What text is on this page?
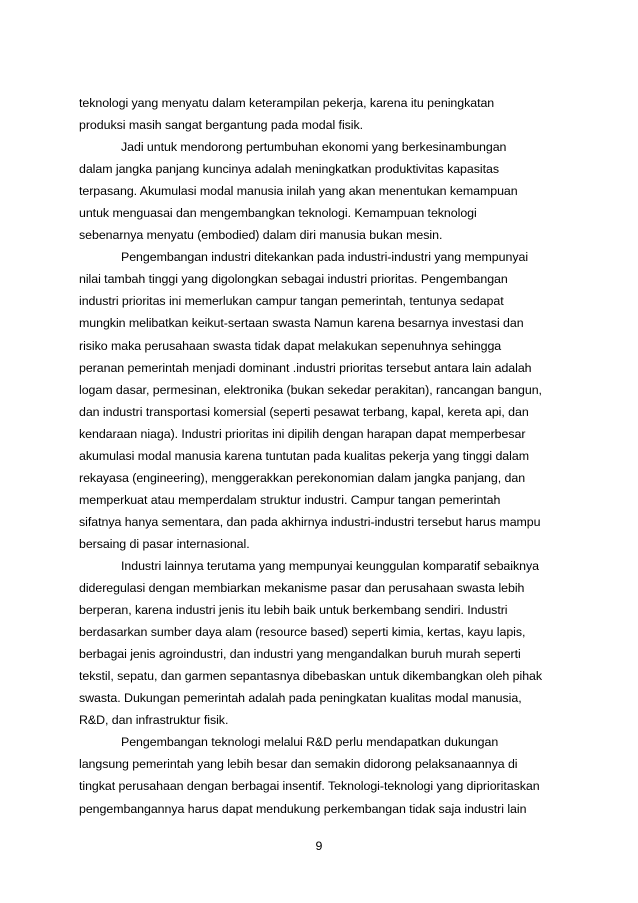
teknologi yang menyatu dalam keterampilan pekerja, karena itu peningkatan
produksi masih sangat bergantung pada modal fisik.
Jadi untuk mendorong pertumbuhan ekonomi yang berkesinambungan
dalam jangka panjang kuncinya adalah meningkatkan produktivitas kapasitas
terpasang. Akumulasi modal manusia inilah yang akan menentukan kemampuan
untuk menguasai dan mengembangkan teknologi. Kemampuan teknologi
sebenarnya menyatu (embodied) dalam diri manusia bukan mesin.
Pengembangan industri ditekankan pada industri-industri yang mempunyai
nilai tambah tinggi yang digolongkan sebagai industri prioritas. Pengembangan
industri prioritas ini memerlukan campur tangan pemerintah, tentunya sedapat
mungkin melibatkan keikut-sertaan swasta Namun karena besarnya investasi dan
risiko maka perusahaan swasta tidak dapat melakukan sepenuhnya sehingga
peranan pemerintah menjadi dominant .industri prioritas tersebut antara lain adalah
logam dasar, permesinan, elektronika (bukan sekedar perakitan), rancangan bangun,
dan industri transportasi komersial (seperti pesawat terbang, kapal, kereta api, dan
kendaraan niaga). Industri prioritas ini dipilih dengan harapan dapat memperbesar
akumulasi modal manusia karena tuntutan pada kualitas pekerja yang tinggi dalam
rekayasa (engineering), menggerakkan perekonomian dalam jangka panjang, dan
memperkuat atau memperdalam struktur industri. Campur tangan pemerintah
sifatnya hanya sementara, dan pada akhirnya industri-industri tersebut harus mampu
bersaing di pasar internasional.
Industri lainnya terutama yang mempunyai keunggulan komparatif sebaiknya
dideregulasi dengan membiarkan mekanisme pasar dan perusahaan swasta lebih
berperan, karena industri jenis itu lebih baik untuk berkembang sendiri. Industri
berdasarkan sumber daya alam (resource based) seperti kimia, kertas, kayu lapis,
berbagai jenis agroindustri, dan industri yang mengandalkan buruh murah seperti
tekstil, sepatu, dan garmen sepantasnya dibebaskan untuk dikembangkan oleh pihak
swasta. Dukungan pemerintah adalah pada peningkatan kualitas modal manusia,
R&D, dan infrastruktur fisik.
Pengembangan teknologi melalui R&D perlu mendapatkan dukungan
langsung pemerintah yang lebih besar dan semakin didorong pelaksanaannya di
tingkat perusahaan dengan berbagai insentif. Teknologi-teknologi yang diprioritaskan
pengembangannya harus dapat mendukung perkembangan tidak saja industri lain
9
